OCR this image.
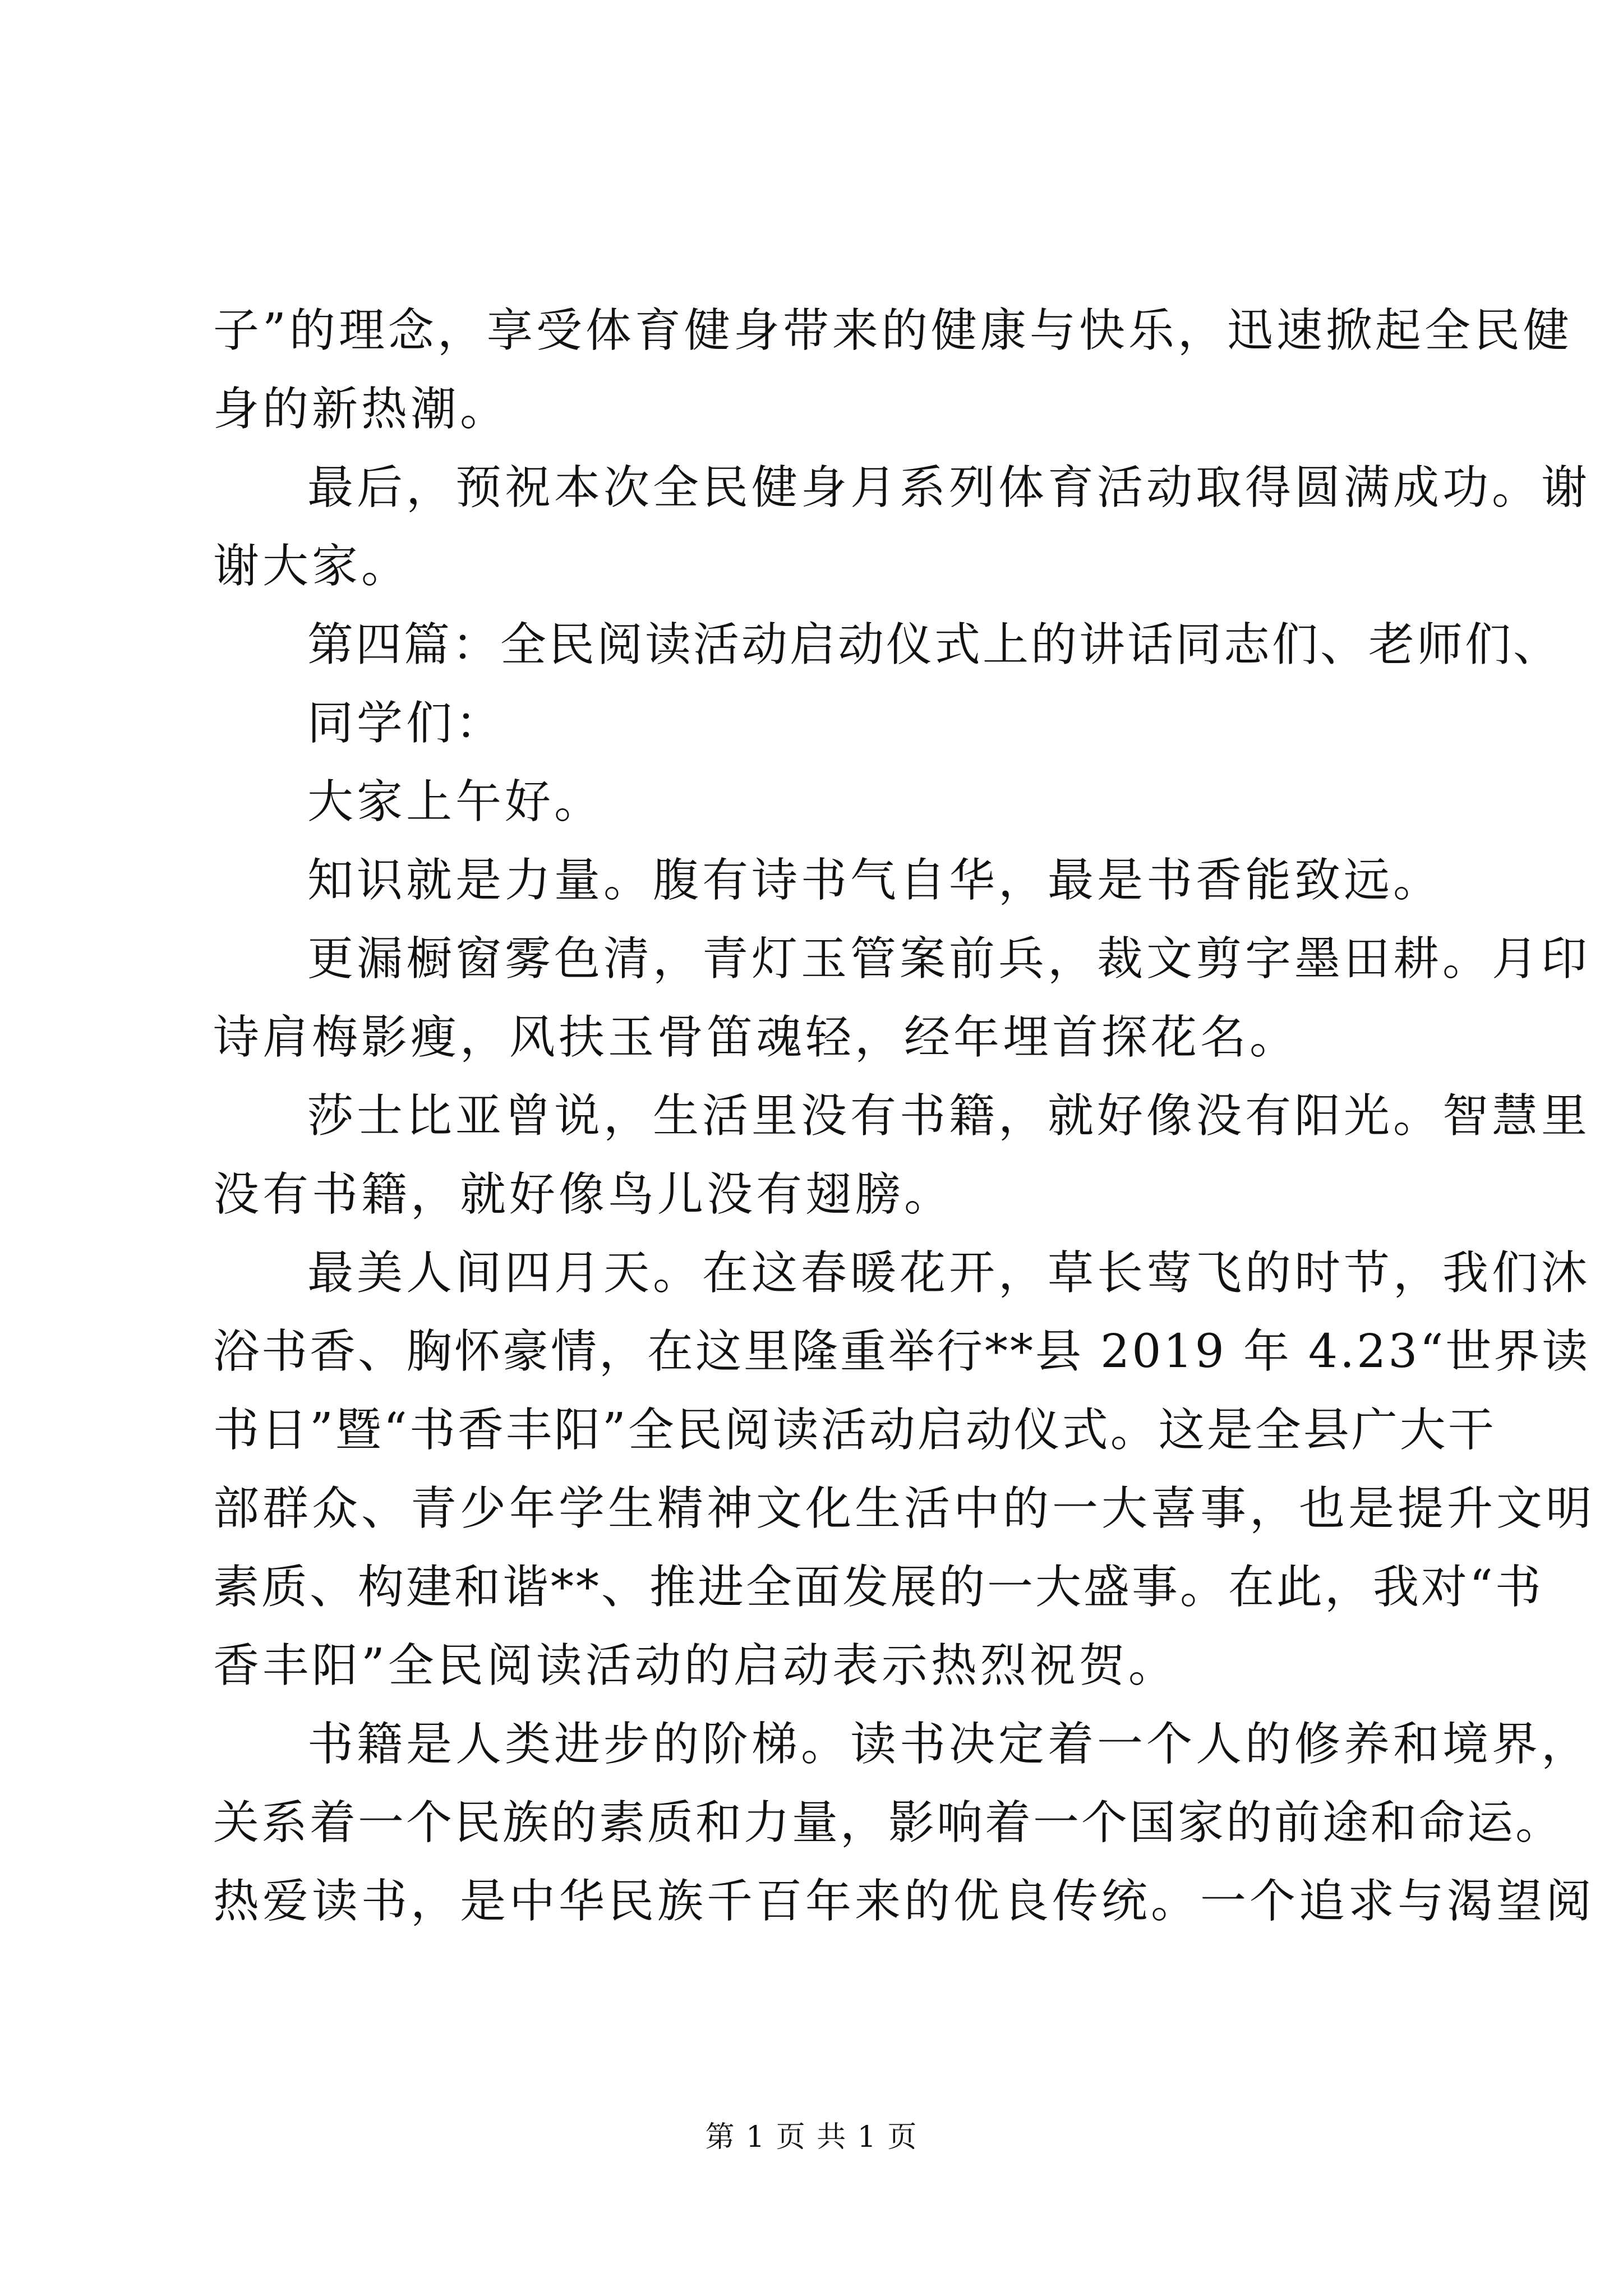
子”的理念，享受体育健身带来的健康与快乐，迅速掀起全民健
身的新热潮。
最后，预祝本次全民健身月系列体育活动取得圆满成功。谢
谢大家。
第四篇：全民阅读活动启动仪式上的讲话同志们、老师们、
同学们：
大家上午好。
知识就是力量。腹有诗书气自华，最是书香能致远。
更漏橱窗雾色清，青灯玉管案前兵，裁文剪字墨田耕。月印
诗肩梅影瘦，风扶玉骨笛魂轻，经年埋首探花名。
莎士比亚曾说，生活里没有书籍，就好像没有阳光。智慧里
没有书籍，就好像鸟儿没有翅膀。
最美人间四月天。在这春暖花开，草长莺飞的时节，我们沐
浴书香、胸怀豪情，在这里隆重举行**县 2019 年 4.23“世界读
书日”暨“书香丰阳”全民阅读活动启动仪式。这是全县广大干
部群众、青少年学生精神文化生活中的一大喜事，也是提升文明
素质、构建和谐**、推进全面发展的一大盛事。在此，我对“书
香丰阳”全民阅读活动的启动表示热烈祝贺。
书籍是人类进步的阶梯。读书决定着一个人的修养和境界，
关系着一个民族的素质和力量，影响着一个国家的前途和命运。
热爱读书，是中华民族千百年来的优良传统。一个追求与渴望阅
第 1 页 共 1 页
